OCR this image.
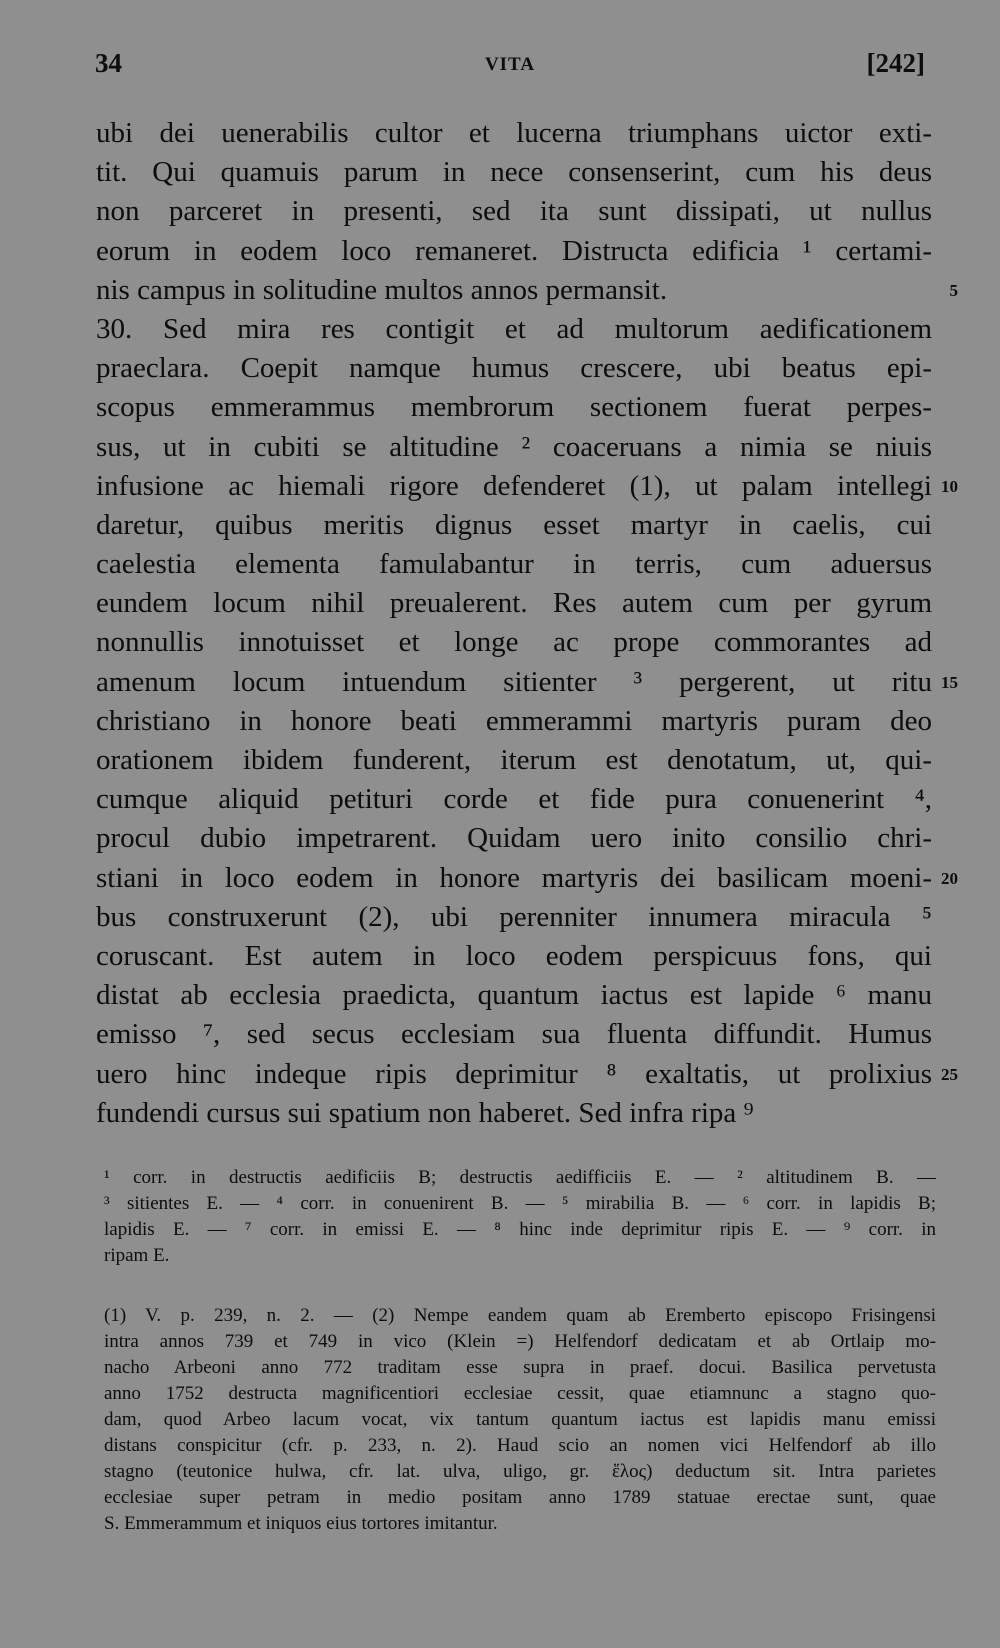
34	VITA	[242]
ubi dei uenerabilis cultor et lucerna triumphans uictor exti-
tit. Qui quamuis parum in nece consenserint, cum his deus
non parceret in presenti, sed ita sunt dissipati, ut nullus
eorum in eodem loco remaneret. Distructa edificia ¹ certami-
nis campus in solitudine multos annos permansit.	5
30. Sed mira res contigit et ad multorum aedificationem
praeclara. Coepit namque humus crescere, ubi beatus epi-
scopus emmerammus membrorum sectionem fuerat perpes-
sus, ut in cubiti se altitudine ² coaceruans a nimia se niuis
infusione ac hiemali rigore defenderet (1), ut palam intellegi 10
daretur, quibus meritis dignus esset martyr in caelis, cui
caelestia elementa famulabantur in terris, cum aduersus
eundem locum nihil preualerent. Res autem cum per gyrum
nonnullis innotuisset et longe ac prope commorantes ad
amenum locum intuendum sitienter ³ pergerent, ut ritu 15
christiano in honore beati emmerammi martyris puram deo
orationem ibidem funderent, iterum est denotatum, ut, qui-
cumque aliquid petituri corde et fide pura conuenerint ⁴,
procul dubio impetrarent. Quidam uero inito consilio chri-
stiani in loco eodem in honore martyris dei basilicam moeni- 20
bus construxerunt (2), ubi perenniter innumera miracula ⁵
coruscant. Est autem in loco eodem perspicuus fons, qui
distat ab ecclesia praedicta, quantum iactus est lapide ⁶ manu
emisso ⁷, sed secus ecclesiam sua fluenta diffundit. Humus
uero hinc indeque ripis deprimitur ⁸ exaltatis, ut prolixius 25
fundendi cursus sui spatium non haberet. Sed infra ripa ⁹
¹ corr. in destructis aedificiis B; destructis aedifficiis E. — ² altitudinem B. —
³ sitientes E. — ⁴ corr. in conuenirent B. — ⁵ mirabilia B. — ⁶ corr. in lapidis B;
lapidis E. — ⁷ corr. in emissi E. — ⁸ hinc inde deprimitur ripis E. — ⁹ corr. in
ripam E.
(1) V. p. 239, n. 2. — (2) Nempe eandem quam ab Eremberto episcopo Frisingensi
intra annos 739 et 749 in vico (Klein =) Helfendorf dedicatam et ab Ortlaip mo-
nacho Arbeoni anno 772 traditam esse supra in praef. docui. Basilica pervetusta
anno 1752 destructa magnificentiori ecclesiae cessit, quae etiamnunc a stagno quo-
dam, quod Arbeo lacum vocat, vix tantum quantum iactus est lapidis manu emissi
distans conspicitur (cfr. p. 233, n. 2). Haud scio an nomen vici Helfendorf ab illo
stagno (teutonice hulwa, cfr. lat. ulva, uligo, gr. ἕλος) deductum sit. Intra parietes
ecclesiae super petram in medio positam anno 1789 statuae erectae sunt, quae
S. Emmerammum et iniquos eius tortores imitantur.
